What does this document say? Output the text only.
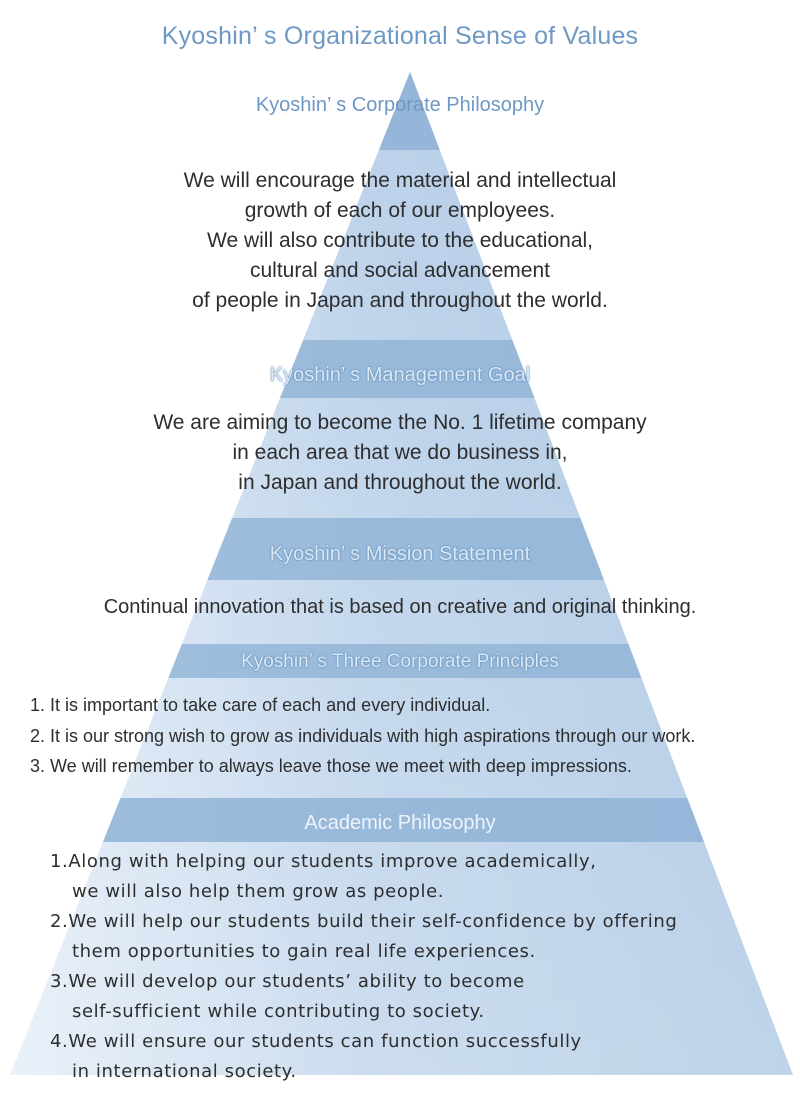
Kyoshin’ s Organizational Sense of Values
Kyoshin’ s Corporate Philosophy
We will encourage the material and intellectual
growth of each of our employees.
We will also contribute to the educational,
cultural and social advancement
of people in Japan and throughout the world.
Kyoshin’ s Management Goal
We are aiming to become the No. 1 lifetime company
in each area that we do business in,
in Japan and throughout the world.
Kyoshin’ s Mission Statement
Continual innovation that is based on creative and original thinking.
Kyoshin’ s Three Corporate Principles
1. It is important to take care of each and every individual.
2. It is our strong wish to grow as individuals with high aspirations through our work.
3. We will remember to always leave those we meet with deep impressions.
Academic Philosophy
1.Along with helping our students improve academically,
we will also help them grow as people.
2.We will help our students build their self-confidence by offering
them opportunities to gain real life experiences.
3.We will develop our students’ ability to become
self-sufficient while contributing to society.
4.We will ensure our students can function successfully
in international society.
